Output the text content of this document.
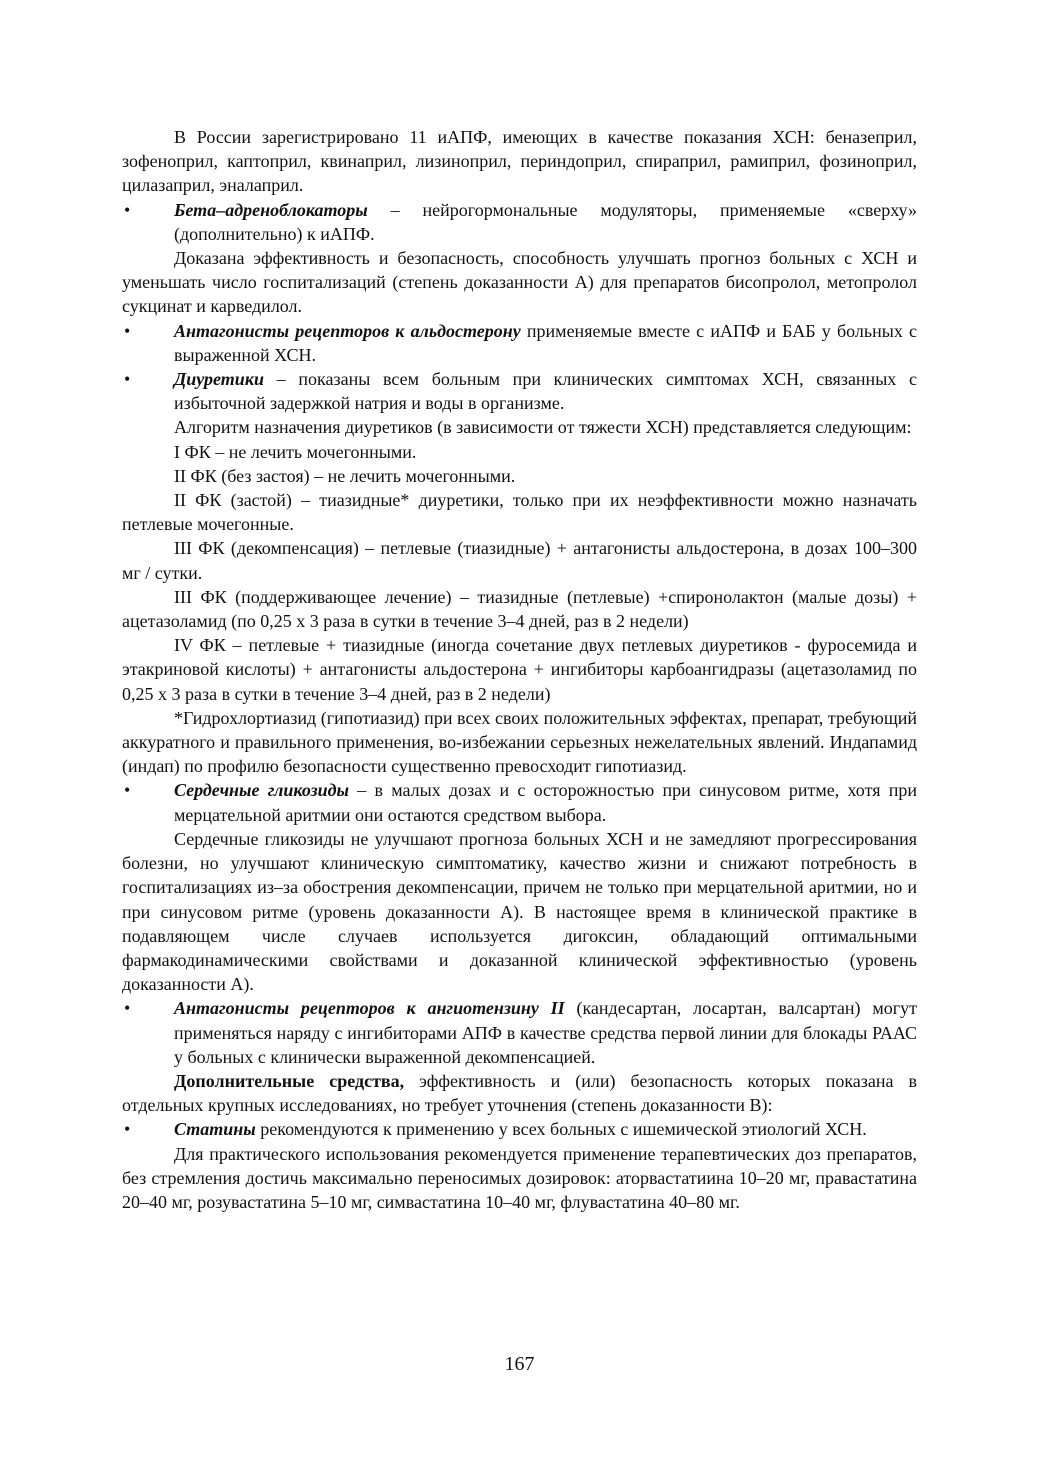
В России зарегистрировано 11 иАПФ, имеющих в качестве показания ХСН: беназеприл, зофеноприл, каптоприл, квинаприл, лизиноприл, периндоприл, спираприл, рамиприл, фозиноприл, цилазаприл, эналаприл.

• Бета–адреноблокаторы – нейрогормональные модуляторы, применяемые «сверху» (дополнительно) к иАПФ.

Доказана эффективность и безопасность, способность улучшать прогноз больных с ХСН и уменьшать число госпитализаций (степень доказанности А) для препаратов бисопролол, метопролол сукцинат и карведилол.

• Антагонисты рецепторов к альдостерону применяемые вместе с иАПФ и БАБ у больных с выраженной ХСН.
• Диуретики – показаны всем больным при клинических симптомах ХСН, связанных с избыточной задержкой натрия и воды в организме.

Алгоритм назначения диуретиков (в зависимости от тяжести ХСН) представляется следующим:

I ФК – не лечить мочегонными.

II ФК (без застоя) – не лечить мочегонными.

II ФК (застой) – тиазидные* диуретики, только при их неэффективности можно назначать петлевые мочегонные.

III ФК (декомпенсация) – петлевые (тиазидные) + антагонисты альдостерона, в дозах 100–300 мг / сутки.

III ФК (поддерживающее лечение) – тиазидные (петлевые) +спиронолактон (малые дозы) + ацетазоламид (по 0,25 х 3 раза в сутки в течение 3–4 дней, раз в 2 недели)

IV ФК – петлевые + тиазидные (иногда сочетание двух петлевых диуретиков - фуросемида и этакриновой кислоты) + антагонисты альдостерона + ингибиторы карбоангидразы (ацетазоламид по 0,25 х 3 раза в сутки в течение 3–4 дней, раз в 2 недели)

*Гидрохлортиазид (гипотиазид) при всех своих положительных эффектах, препарат, требующий аккуратного и правильного применения, во-избежании серьезных нежелательных явлений. Индапамид (индап) по профилю безопасности существенно превосходит гипотиазид.

• Сердечные гликозиды – в малых дозах и с осторожностью при синусовом ритме, хотя при мерцательной аритмии они остаются средством выбора.

Сердечные гликозиды не улучшают прогноза больных ХСН и не замедляют прогрессирования болезни, но улучшают клиническую симптоматику, качество жизни и снижают потребность в госпитализациях из–за обострения декомпенсации, причем не только при мерцательной аритмии, но и при синусовом ритме (уровень доказанности А). В настоящее время в клинической практике в подавляющем числе случаев используется дигоксин, обладающий оптимальными фармакодинамическими свойствами и доказанной клинической эффективностью (уровень доказанности А).

• Антагонисты рецепторов к ангиотензину II (кандесартан, лосартан, валсартан) могут применяться наряду с ингибиторами АПФ в качестве средства первой линии для блокады РААС у больных с клинически выраженной декомпенсацией.

Дополнительные средства, эффективность и (или) безопасность которых показана в отдельных крупных исследованиях, но требует уточнения (степень доказанности В):

• Статины рекомендуются к применению у всех больных с ишемической этиологий ХСН.

Для практического использования рекомендуется применение терапевтических доз препаратов, без стремления достичь максимально переносимых дозировок: аторвастатиина 10–20 мг, правастатина 20–40 мг, розувастатина 5–10 мг, симвастатина 10–40 мг, флувастатина 40–80 мг.

167
